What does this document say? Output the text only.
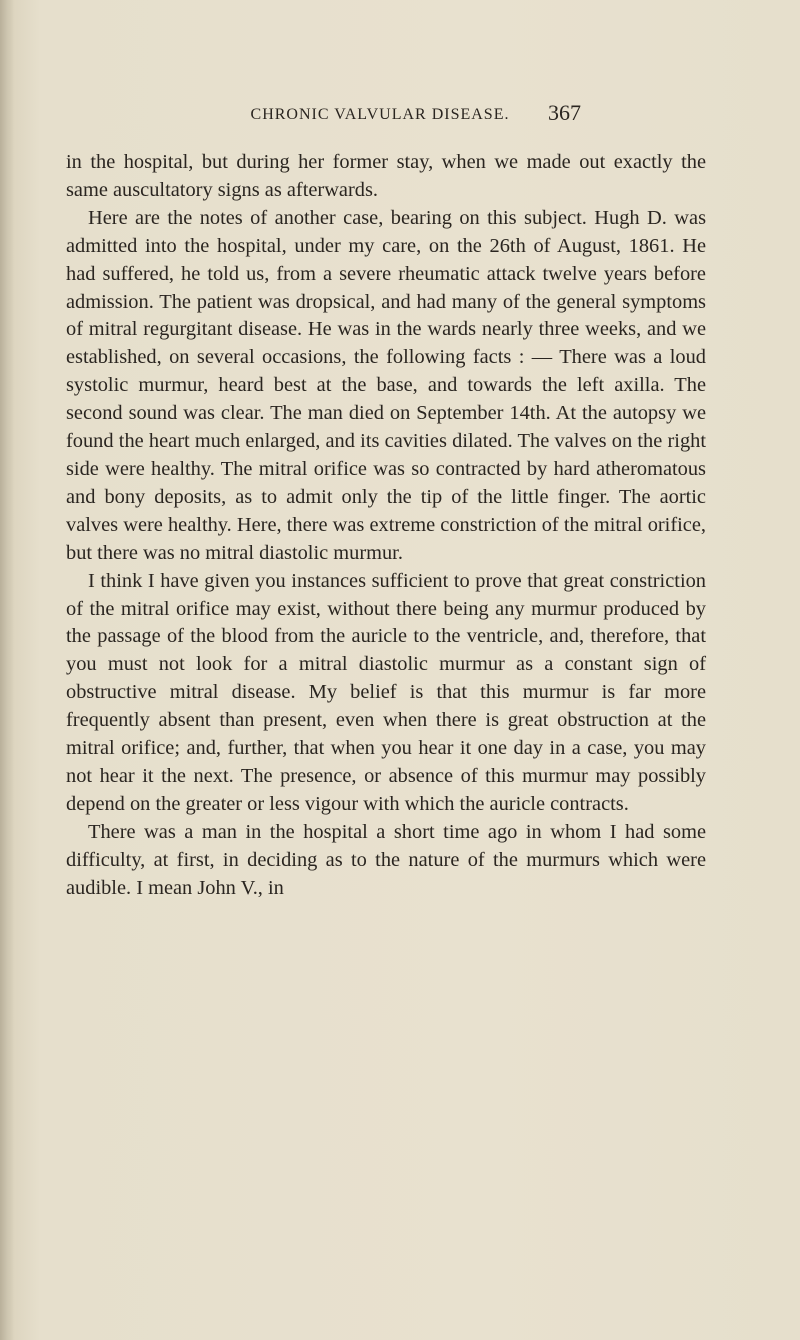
CHRONIC VALVULAR DISEASE.	367

in the hospital, but during her former stay, when we made out exactly the same auscultatory signs as afterwards.

Here are the notes of another case, bearing on this subject. Hugh D. was admitted into the hospital, under my care, on the 26th of August, 1861. He had suffered, he told us, from a severe rheumatic attack twelve years before admission. The patient was dropsical, and had many of the general symptoms of mitral regurgitant disease. He was in the wards nearly three weeks, and we established, on several occasions, the following facts : — There was a loud systolic murmur, heard best at the base, and towards the left axilla. The second sound was clear. The man died on September 14th. At the autopsy we found the heart much enlarged, and its cavities dilated. The valves on the right side were healthy. The mitral orifice was so contracted by hard atheromatous and bony deposits, as to admit only the tip of the little finger. The aortic valves were healthy. Here, there was extreme constriction of the mitral orifice, but there was no mitral diastolic murmur.

I think I have given you instances sufficient to prove that great constriction of the mitral orifice may exist, without there being any murmur produced by the passage of the blood from the auricle to the ventricle, and, therefore, that you must not look for a mitral diastolic murmur as a constant sign of obstructive mitral disease. My belief is that this murmur is far more frequently absent than present, even when there is great obstruction at the mitral orifice; and, further, that when you hear it one day in a case, you may not hear it the next. The presence, or absence of this murmur may possibly depend on the greater or less vigour with which the auricle contracts.

There was a man in the hospital a short time ago in whom I had some difficulty, at first, in deciding as to the nature of the murmurs which were audible. I mean John V., in
